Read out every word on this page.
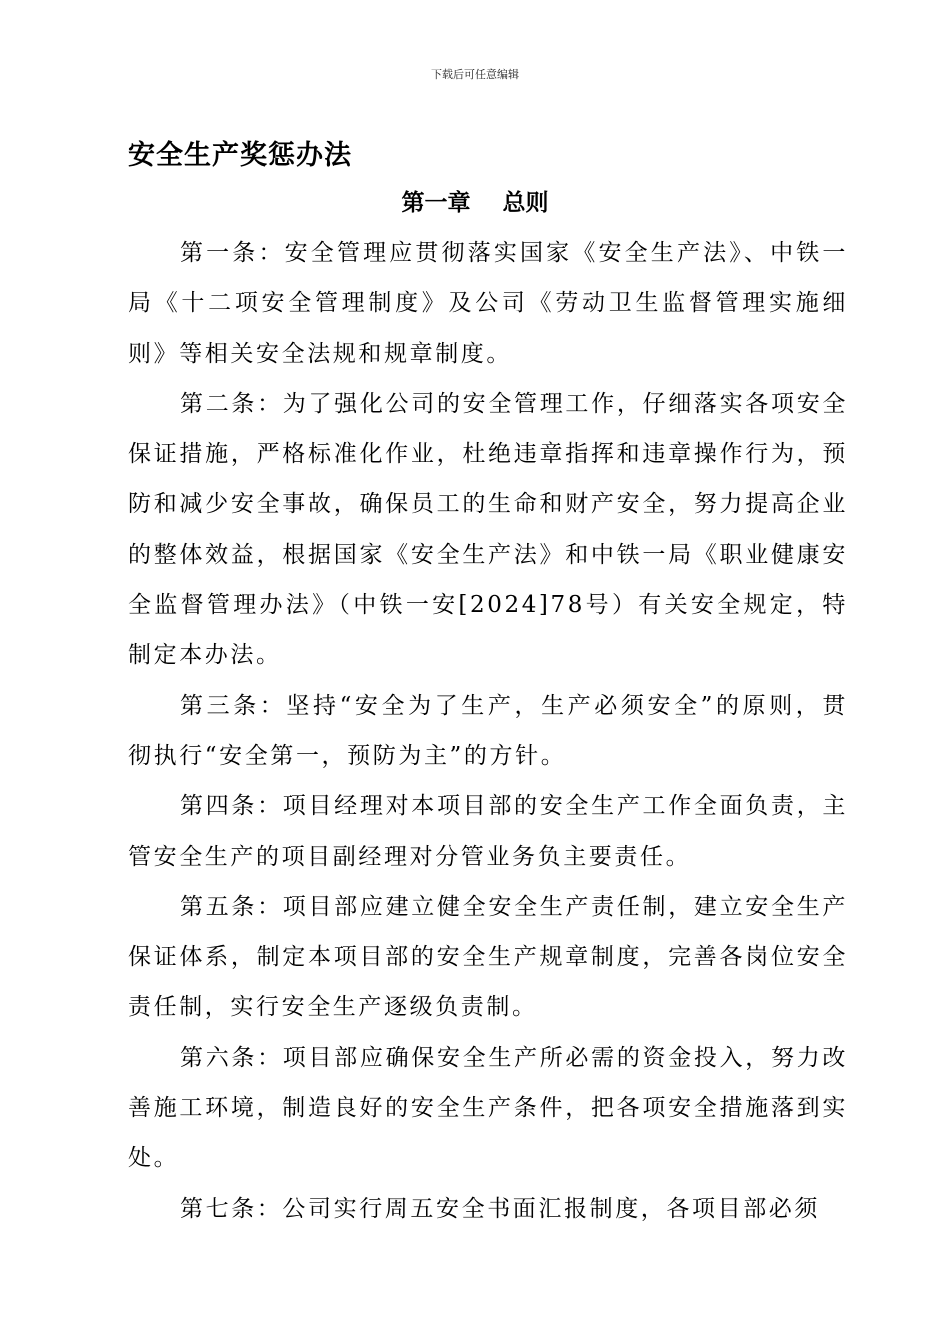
下载后可任意编辑
安全生产奖惩办法
第一章    总则

第一条：安全管理应贯彻落实国家《安全生产法》、中铁一局《十二项安全管理制度》及公司《劳动卫生监督管理实施细则》等相关安全法规和规章制度。

第二条：为了强化公司的安全管理工作，仔细落实各项安全保证措施，严格标准化作业，杜绝违章指挥和违章操作行为，预防和减少安全事故，确保员工的生命和财产安全，努力提高企业的整体效益，根据国家《安全生产法》和中铁一局《职业健康安全监督管理办法》（中铁一安[2024]78号）有关安全规定，特制定本办法。

第三条：坚持“安全为了生产，生产必须安全”的原则，贯彻执行“安全第一，预防为主”的方针。

第四条：项目经理对本项目部的安全生产工作全面负责，主管安全生产的项目副经理对分管业务负主要责任。

第五条：项目部应建立健全安全生产责任制，建立安全生产保证体系，制定本项目部的安全生产规章制度，完善各岗位安全责任制，实行安全生产逐级负责制。

第六条：项目部应确保安全生产所必需的资金投入，努力改善施工环境，制造良好的安全生产条件，把各项安全措施落到实处。

第七条：公司实行周五安全书面汇报制度，各项目部必须
